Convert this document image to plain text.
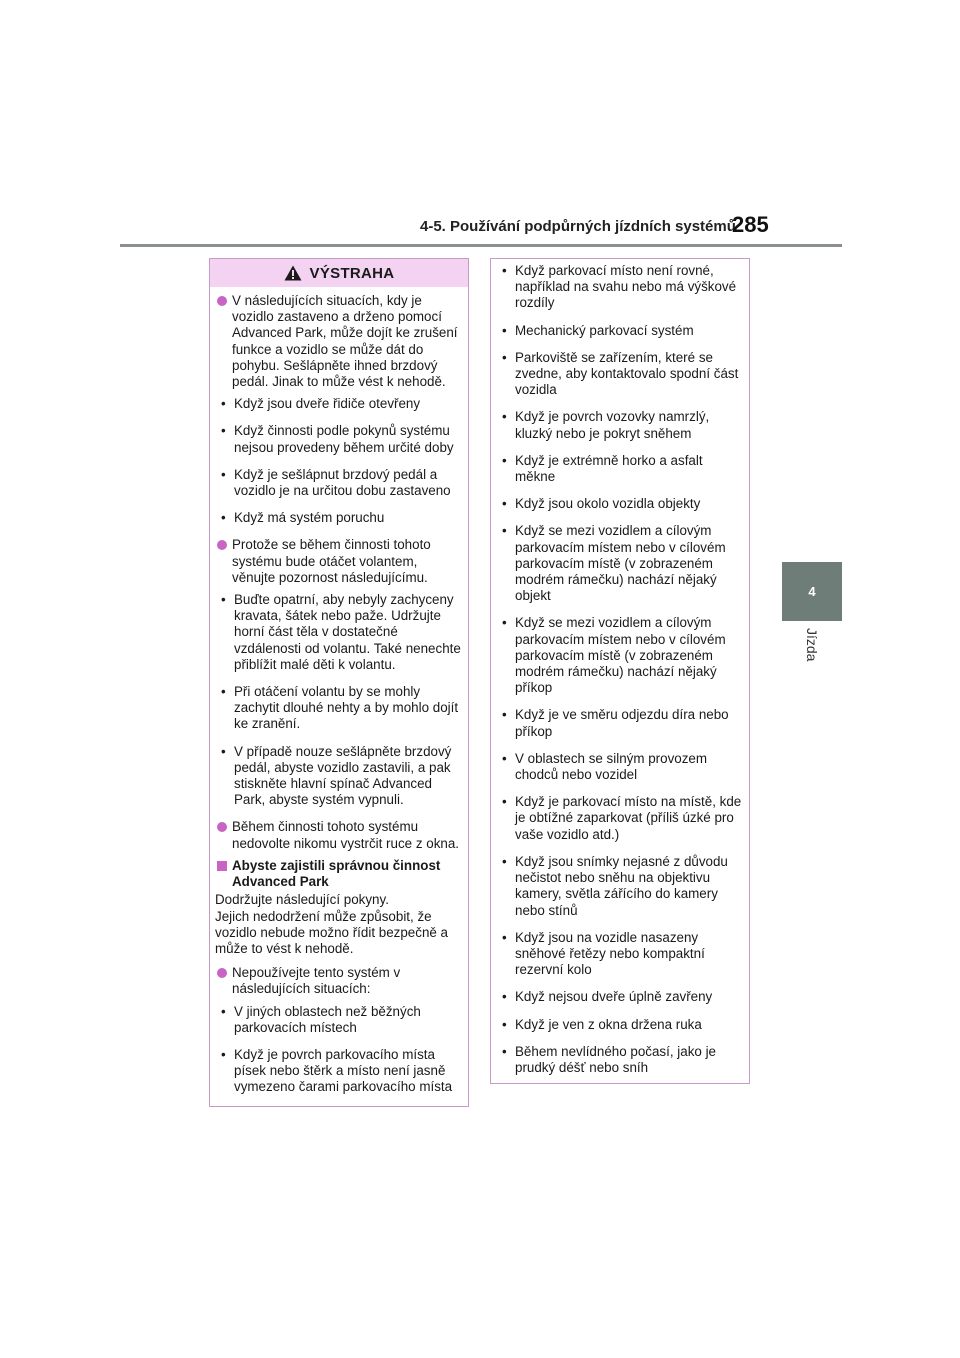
4-5. Používání podpůrných jízdních systémů
285
4
Jízda
VÝSTRAHA
V následujících situacích, kdy je vozidlo zastaveno a drženo pomocí Advanced Park, může dojít ke zrušení funkce a vozidlo se může dát do pohybu. Sešlápněte ihned brzdový pedál. Jinak to může vést k nehodě.
• Když jsou dveře řidiče otevřeny
• Když činnosti podle pokynů systému nejsou provedeny během určité doby
• Když je sešlápnut brzdový pedál a vozidlo je na určitou dobu zastaveno
• Když má systém poruchu
Protože se během činnosti tohoto systému bude otáčet volantem, věnujte pozornost následujícímu.
• Buďte opatrní, aby nebyly zachyceny kravata, šátek nebo paže. Udržujte horní část těla v dostatečné vzdálenosti od volantu. Také nenechte přiblížit malé děti k volantu.
• Při otáčení volantu by se mohly zachytit dlouhé nehty a by mohlo dojít ke zranění.
• V případě nouze sešlápněte brzdový pedál, abyste vozidlo zastavili, a pak stiskněte hlavní spínač Advanced Park, abyste systém vypnuli.
Během činnosti tohoto systému nedovolte nikomu vystrčit ruce z okna.
Abyste zajistili správnou činnost Advanced Park
Dodržujte následující pokyny.
Jejich nedodržení může způsobit, že vozidlo nebude možno řídit bezpečně a může to vést k nehodě.
Nepoužívejte tento systém v následujících situacích:
• V jiných oblastech než běžných parkovacích místech
• Když je povrch parkovacího místa písek nebo štěrk a místo není jasně vymezeno čarami parkovacího místa
• Když parkovací místo není rovné, například na svahu nebo má výškové rozdíly
• Mechanický parkovací systém
• Parkoviště se zařízením, které se zvedne, aby kontaktovalo spodní část vozidla
• Když je povrch vozovky namrzlý, kluzký nebo je pokryt sněhem
• Když je extrémně horko a asfalt měkne
• Když jsou okolo vozidla objekty
• Když se mezi vozidlem a cílovým parkovacím místem nebo v cílovém parkovacím místě (v zobrazeném modrém rámečku) nachází nějaký objekt
• Když se mezi vozidlem a cílovým parkovacím místem nebo v cílovém parkovacím místě (v zobrazeném modrém rámečku) nachází nějaký příkop
• Když je ve směru odjezdu díra nebo příkop
• V oblastech se silným provozem chodců nebo vozidel
• Když je parkovací místo na místě, kde je obtížné zaparkovat (příliš úzké pro vaše vozidlo atd.)
• Když jsou snímky nejasné z důvodu nečistot nebo sněhu na objektivu kamery, světla zářícího do kamery nebo stínů
• Když jsou na vozidle nasazeny sněhové řetězy nebo kompaktní rezervní kolo
• Když nejsou dveře úplně zavřeny
• Když je ven z okna držena ruka
• Během nevlídného počasí, jako je prudký déšť nebo sníh
